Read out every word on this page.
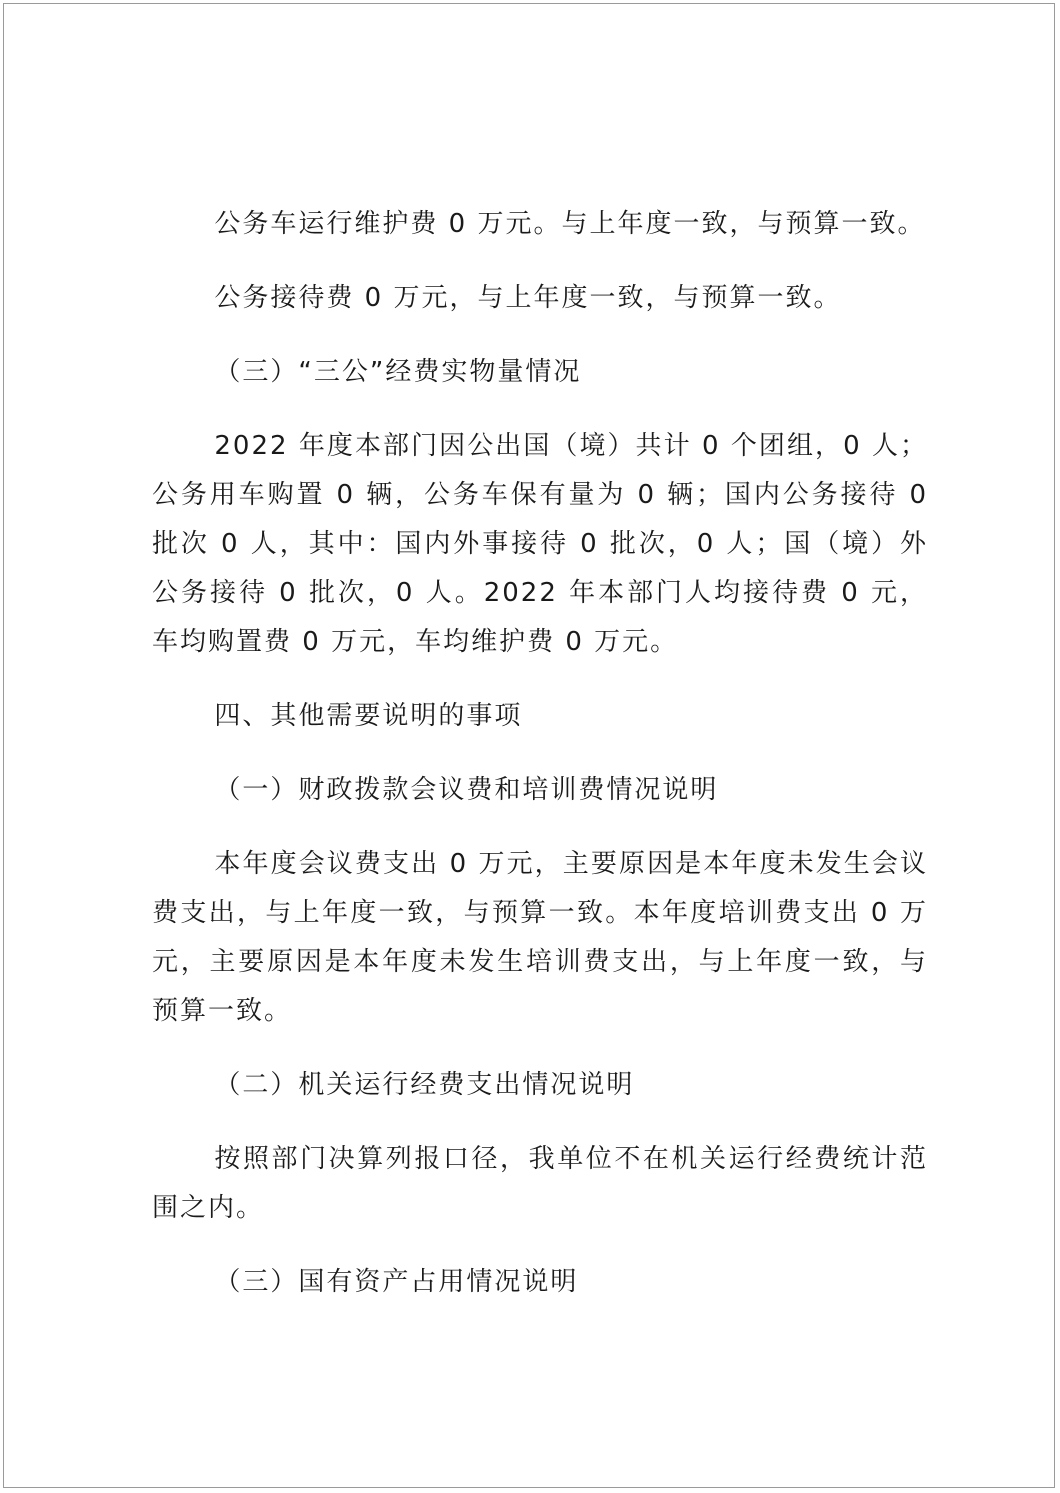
公务车运行维护费 0 万元。与上年度一致，与预算一致。

公务接待费 0 万元，与上年度一致，与预算一致。

（三）“三公”经费实物量情况

2022 年度本部门因公出国（境）共计 0 个团组，0 人；公务用车购置 0 辆，公务车保有量为 0 辆；国内公务接待 0 批次 0 人，其中：国内外事接待 0 批次，0 人；国（境）外公务接待 0 批次，0 人。2022 年本部门人均接待费 0 元，车均购置费 0 万元，车均维护费 0 万元。

四、其他需要说明的事项

（一）财政拨款会议费和培训费情况说明

本年度会议费支出 0 万元，主要原因是本年度未发生会议费支出，与上年度一致，与预算一致。本年度培训费支出 0 万元，主要原因是本年度未发生培训费支出，与上年度一致，与预算一致。

（二）机关运行经费支出情况说明

按照部门决算列报口径，我单位不在机关运行经费统计范围之内。

（三）国有资产占用情况说明
